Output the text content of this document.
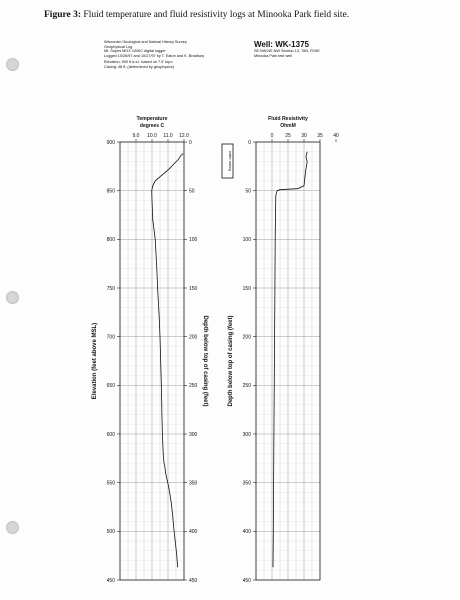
Figure 3: Fluid temperature and fluid resistivity logs at Minooka Park field site.
Wisconsin Geological and Natural History Survey
Geophysical Log
Mt. Sopris MGX 1000C digital logger
Logged 10/26/97 and 10/27/97 by T. Eaton and K. Bradbury
Elevation: 900 ft a.s.l. based on 7.5' topo
Casing: 48 ft. (determined by geophysics)
Well: WK-1375
SE,NW,NE,NW Section 13, T6N, R19E
Minooka Park test well
9.0 10.0 11.0 12.0
Temperature
degrees C
900
850
800
750
700
650
600
550
500
450
Elevation (feet above MSL)
0
50
100
150
200
250
300
350
400
450
Depth below top of casing (feet)
0 25 30 35 40
Fluid Resistivity
OhmM
0
50
100
150
200
250
300
350
400
450
Depth below top of casing (feet)
water casing
